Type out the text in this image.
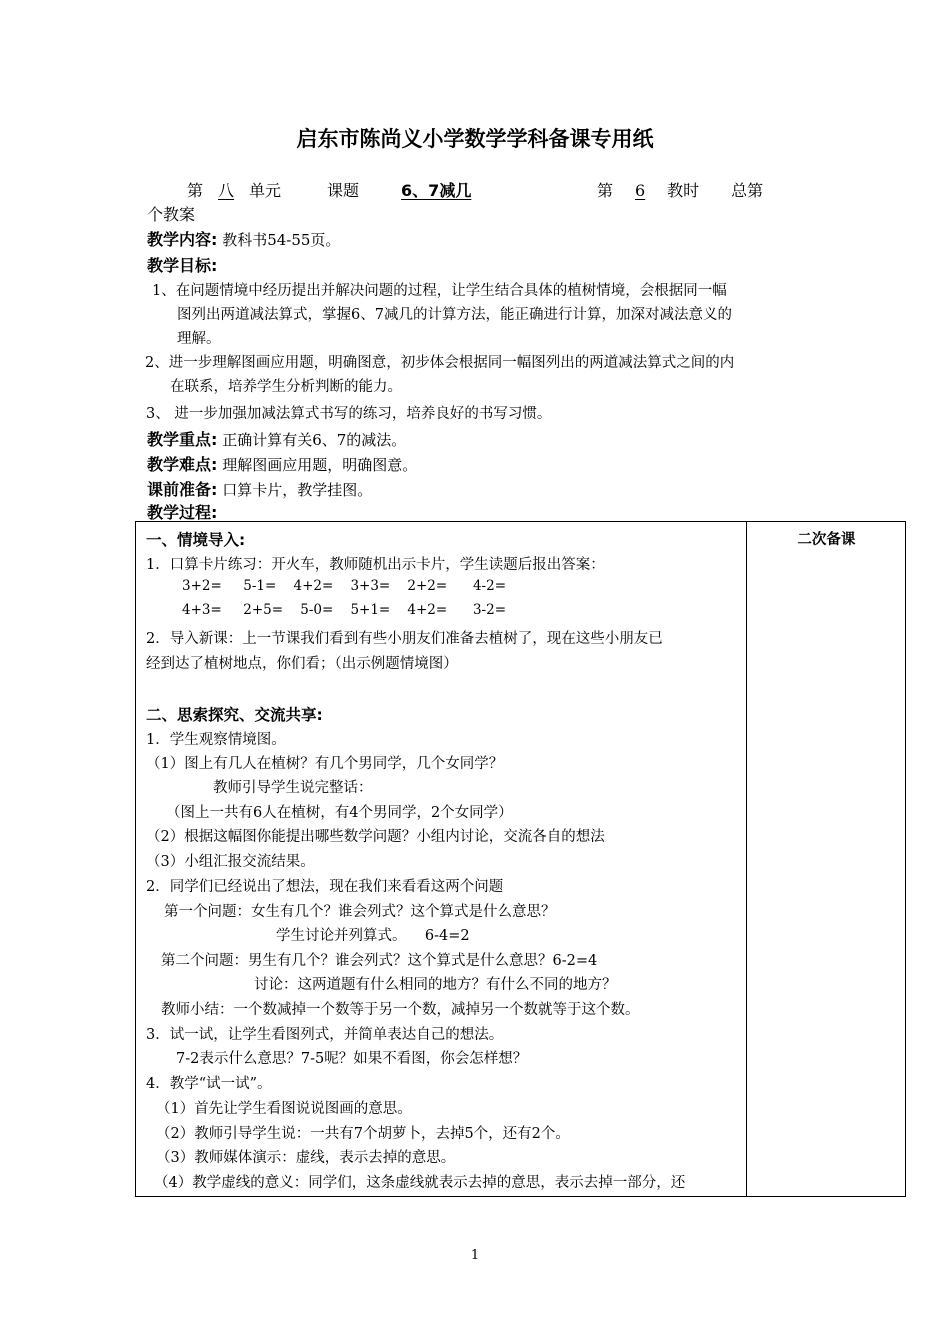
启东市陈尚义小学数学学科备课专用纸
第 八 单元	课题	6、7减几	第 6 教时 总第
个教案
教学内容: 教科书54-55页。
教学目标:
1、在问题情境中经历提出并解决问题的过程，让学生结合具体的植树情境，会根据同一幅
图列出两道减法算式，掌握6、7减几的计算方法，能正确进行计算，加深对减法意义的
理解。
2、进一步理解图画应用题，明确图意，初步体会根据同一幅图列出的两道减法算式之间的内
在联系，培养学生分析判断的能力。
3、 进一步加强加减法算式书写的练习，培养良好的书写习惯。
教学重点: 正确计算有关6、7的减法。
教学难点: 理解图画应用题，明确图意。
课前准备: 口算卡片，教学挂图。
教学过程:
一、情境导入:
1．口算卡片练习：开火车，教师随机出示卡片，学生读题后报出答案：
3+2=     5-1=    4+2=    3+3=    2+2=      4-2=
4+3=     2+5=    5-0=    5+1=    4+2=      3-2=
2．导入新课：上一节课我们看到有些小朋友们准备去植树了，现在这些小朋友已
经到达了植树地点，你们看；（出示例题情境图）
二、思索探究、交流共享:
1．学生观察情境图。
（1）图上有几人在植树？有几个男同学，几个女同学？
教师引导学生说完整话：
（图上一共有6人在植树，有4个男同学，2个女同学）
（2）根据这幅图你能提出哪些数学问题？小组内讨论，交流各自的想法
（3）小组汇报交流结果。
2．同学们已经说出了想法，现在我们来看看这两个问题
第一个问题：女生有几个？谁会列式？这个算式是什么意思？
学生讨论并列算式。    6-4=2
第二个问题：男生有几个？谁会列式？这个算式是什么意思？6-2=4
讨论：这两道题有什么相同的地方？有什么不同的地方？
教师小结：一个数减掉一个数等于另一个数，减掉另一个数就等于这个数。
3．试一试，让学生看图列式，并简单表达自己的想法。
7-2表示什么意思？7-5呢？如果不看图，你会怎样想？
4．教学“试一试”。
（1）首先让学生看图说说图画的意思。
（2）教师引导学生说：一共有7个胡萝卜，去掉5个，还有2个。
（3）教师媒体演示：虚线，表示去掉的意思。
（4）教学虚线的意义：同学们，这条虚线就表示去掉的意思，表示去掉一部分，还

二次备课
1
